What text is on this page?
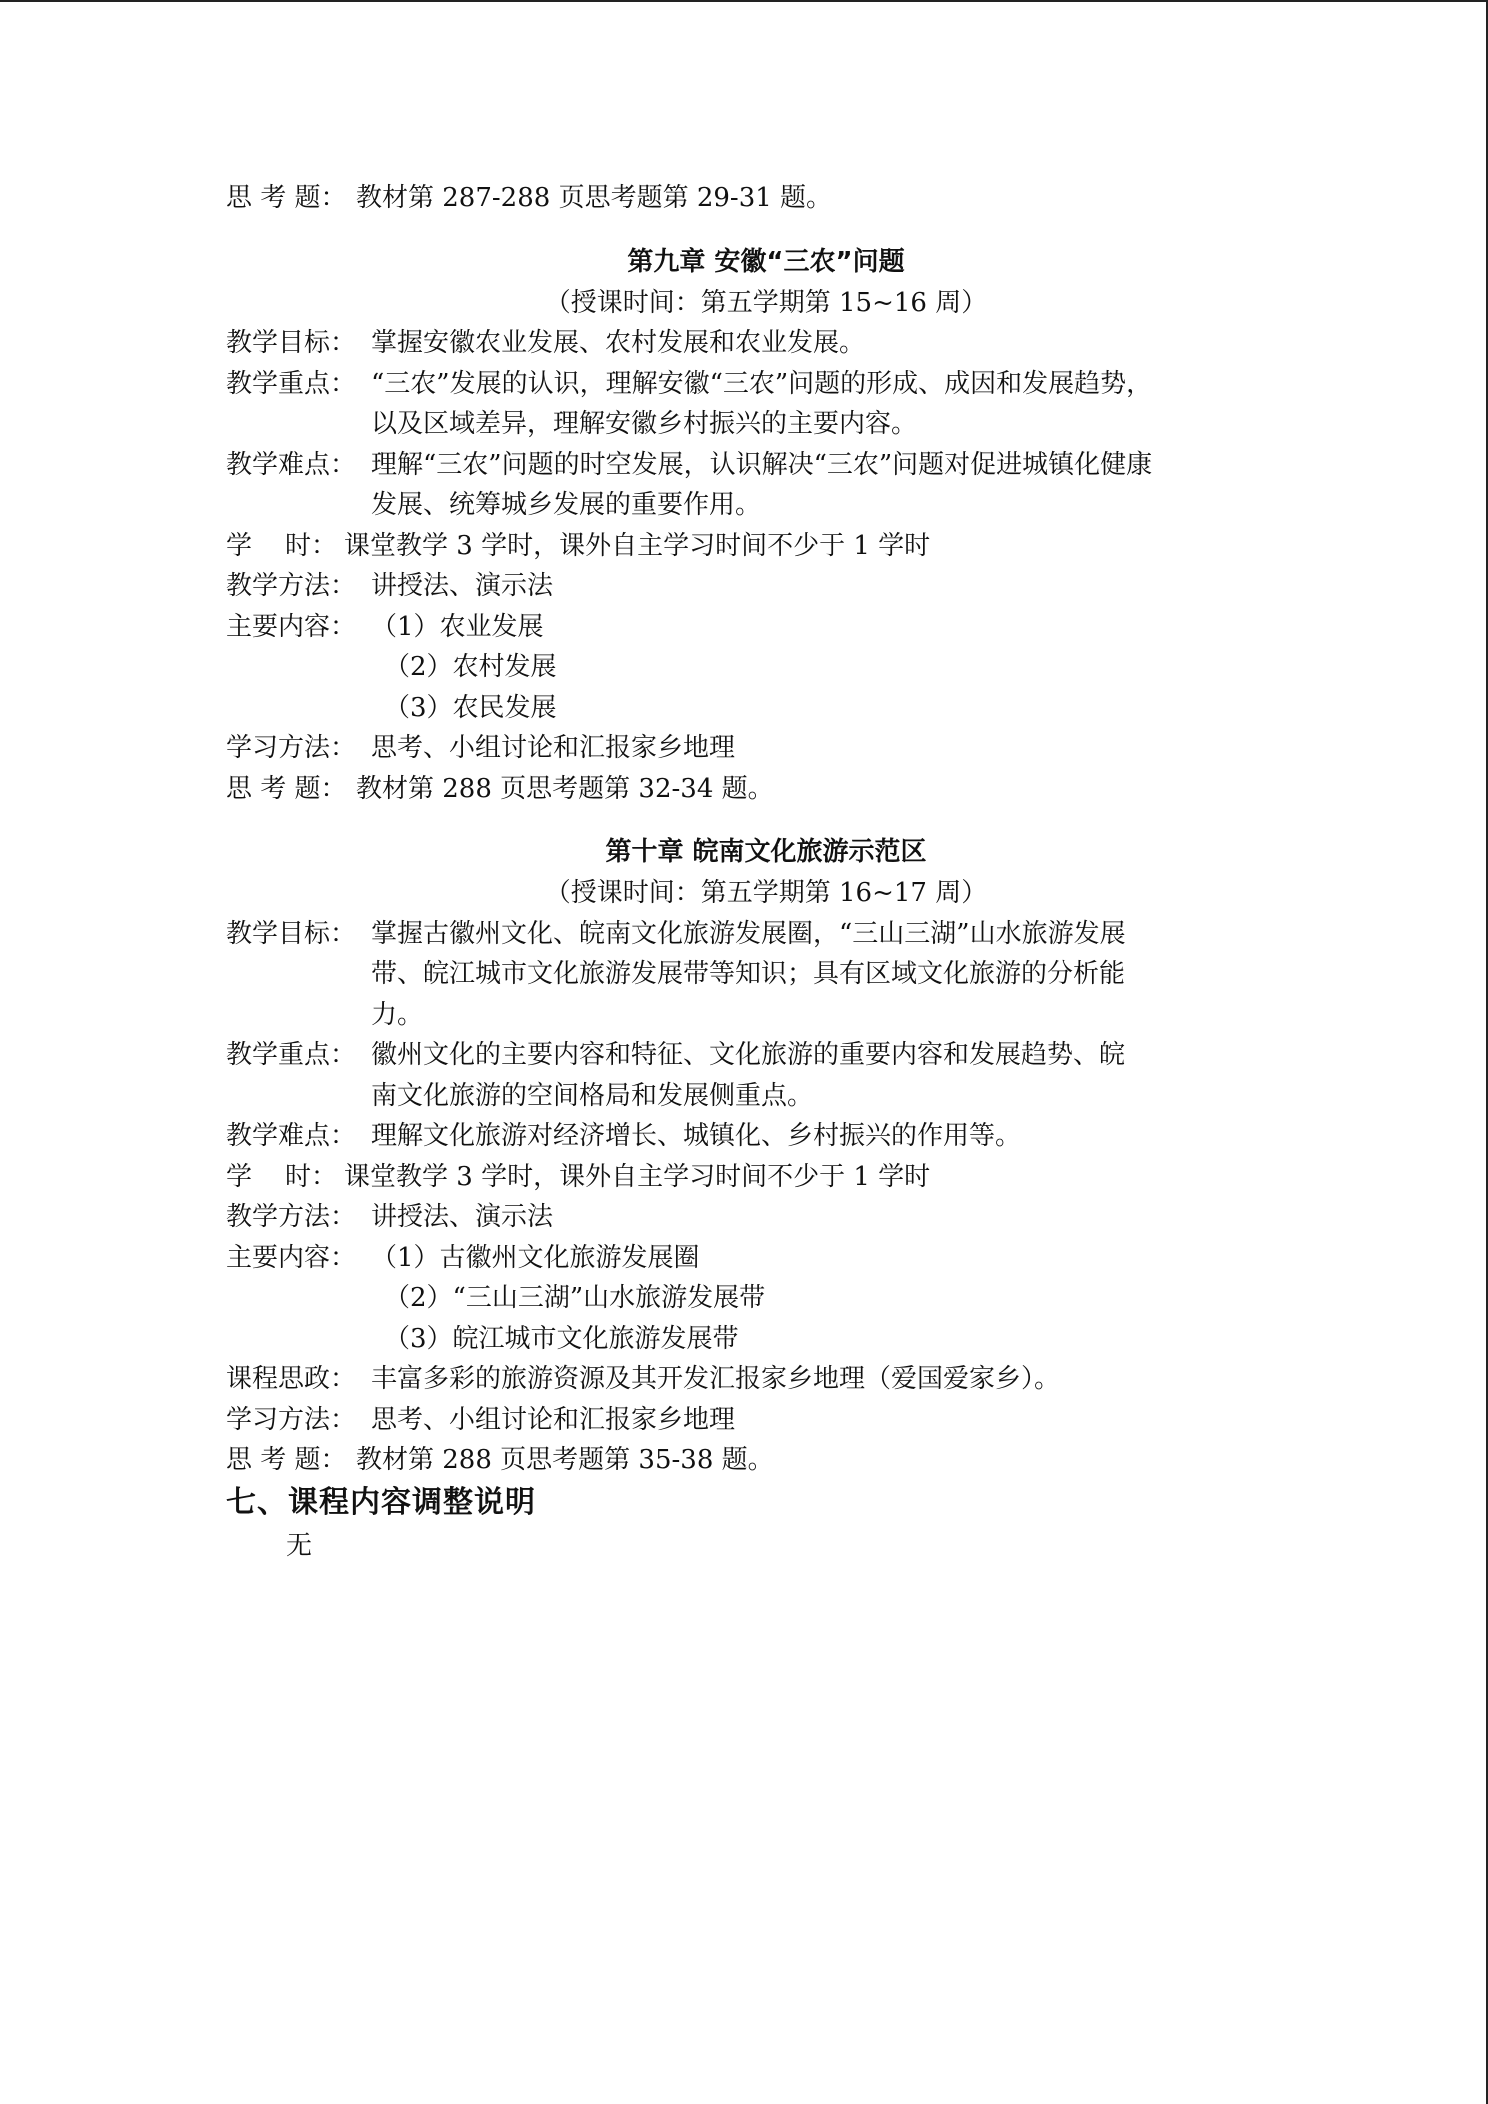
思 考 题： 教材第 287-288 页思考题第 29-31 题。
第九章 安徽“三农”问题
（授课时间：第五学期第 15~16 周）
教学目标： 掌握安徽农业发展、农村发展和农业发展。
教学重点： “三农”发展的认识，理解安徽“三农”问题的形成、成因和发展趋势，
以及区域差异，理解安徽乡村振兴的主要内容。
教学难点： 理解“三农”问题的时空发展，认识解决“三农”问题对促进城镇化健康
发展、统筹城乡发展的重要作用。
学    时： 课堂教学 3 学时，课外自主学习时间不少于 1 学时
教学方法： 讲授法、演示法
主要内容： （1）农业发展
（2）农村发展
（3）农民发展
学习方法： 思考、小组讨论和汇报家乡地理
思 考 题： 教材第 288 页思考题第 32-34 题。
第十章 皖南文化旅游示范区
（授课时间：第五学期第 16~17 周）
教学目标： 掌握古徽州文化、皖南文化旅游发展圈，“三山三湖”山水旅游发展
带、皖江城市文化旅游发展带等知识；具有区域文化旅游的分析能
力。
教学重点： 徽州文化的主要内容和特征、文化旅游的重要内容和发展趋势、皖
南文化旅游的空间格局和发展侧重点。
教学难点： 理解文化旅游对经济增长、城镇化、乡村振兴的作用等。
学    时： 课堂教学 3 学时，课外自主学习时间不少于 1 学时
教学方法： 讲授法、演示法
主要内容： （1）古徽州文化旅游发展圈
（2）“三山三湖”山水旅游发展带
（3）皖江城市文化旅游发展带
课程思政： 丰富多彩的旅游资源及其开发汇报家乡地理（爱国爱家乡）。
学习方法： 思考、小组讨论和汇报家乡地理
思 考 题： 教材第 288 页思考题第 35-38 题。
七、课程内容调整说明
无
